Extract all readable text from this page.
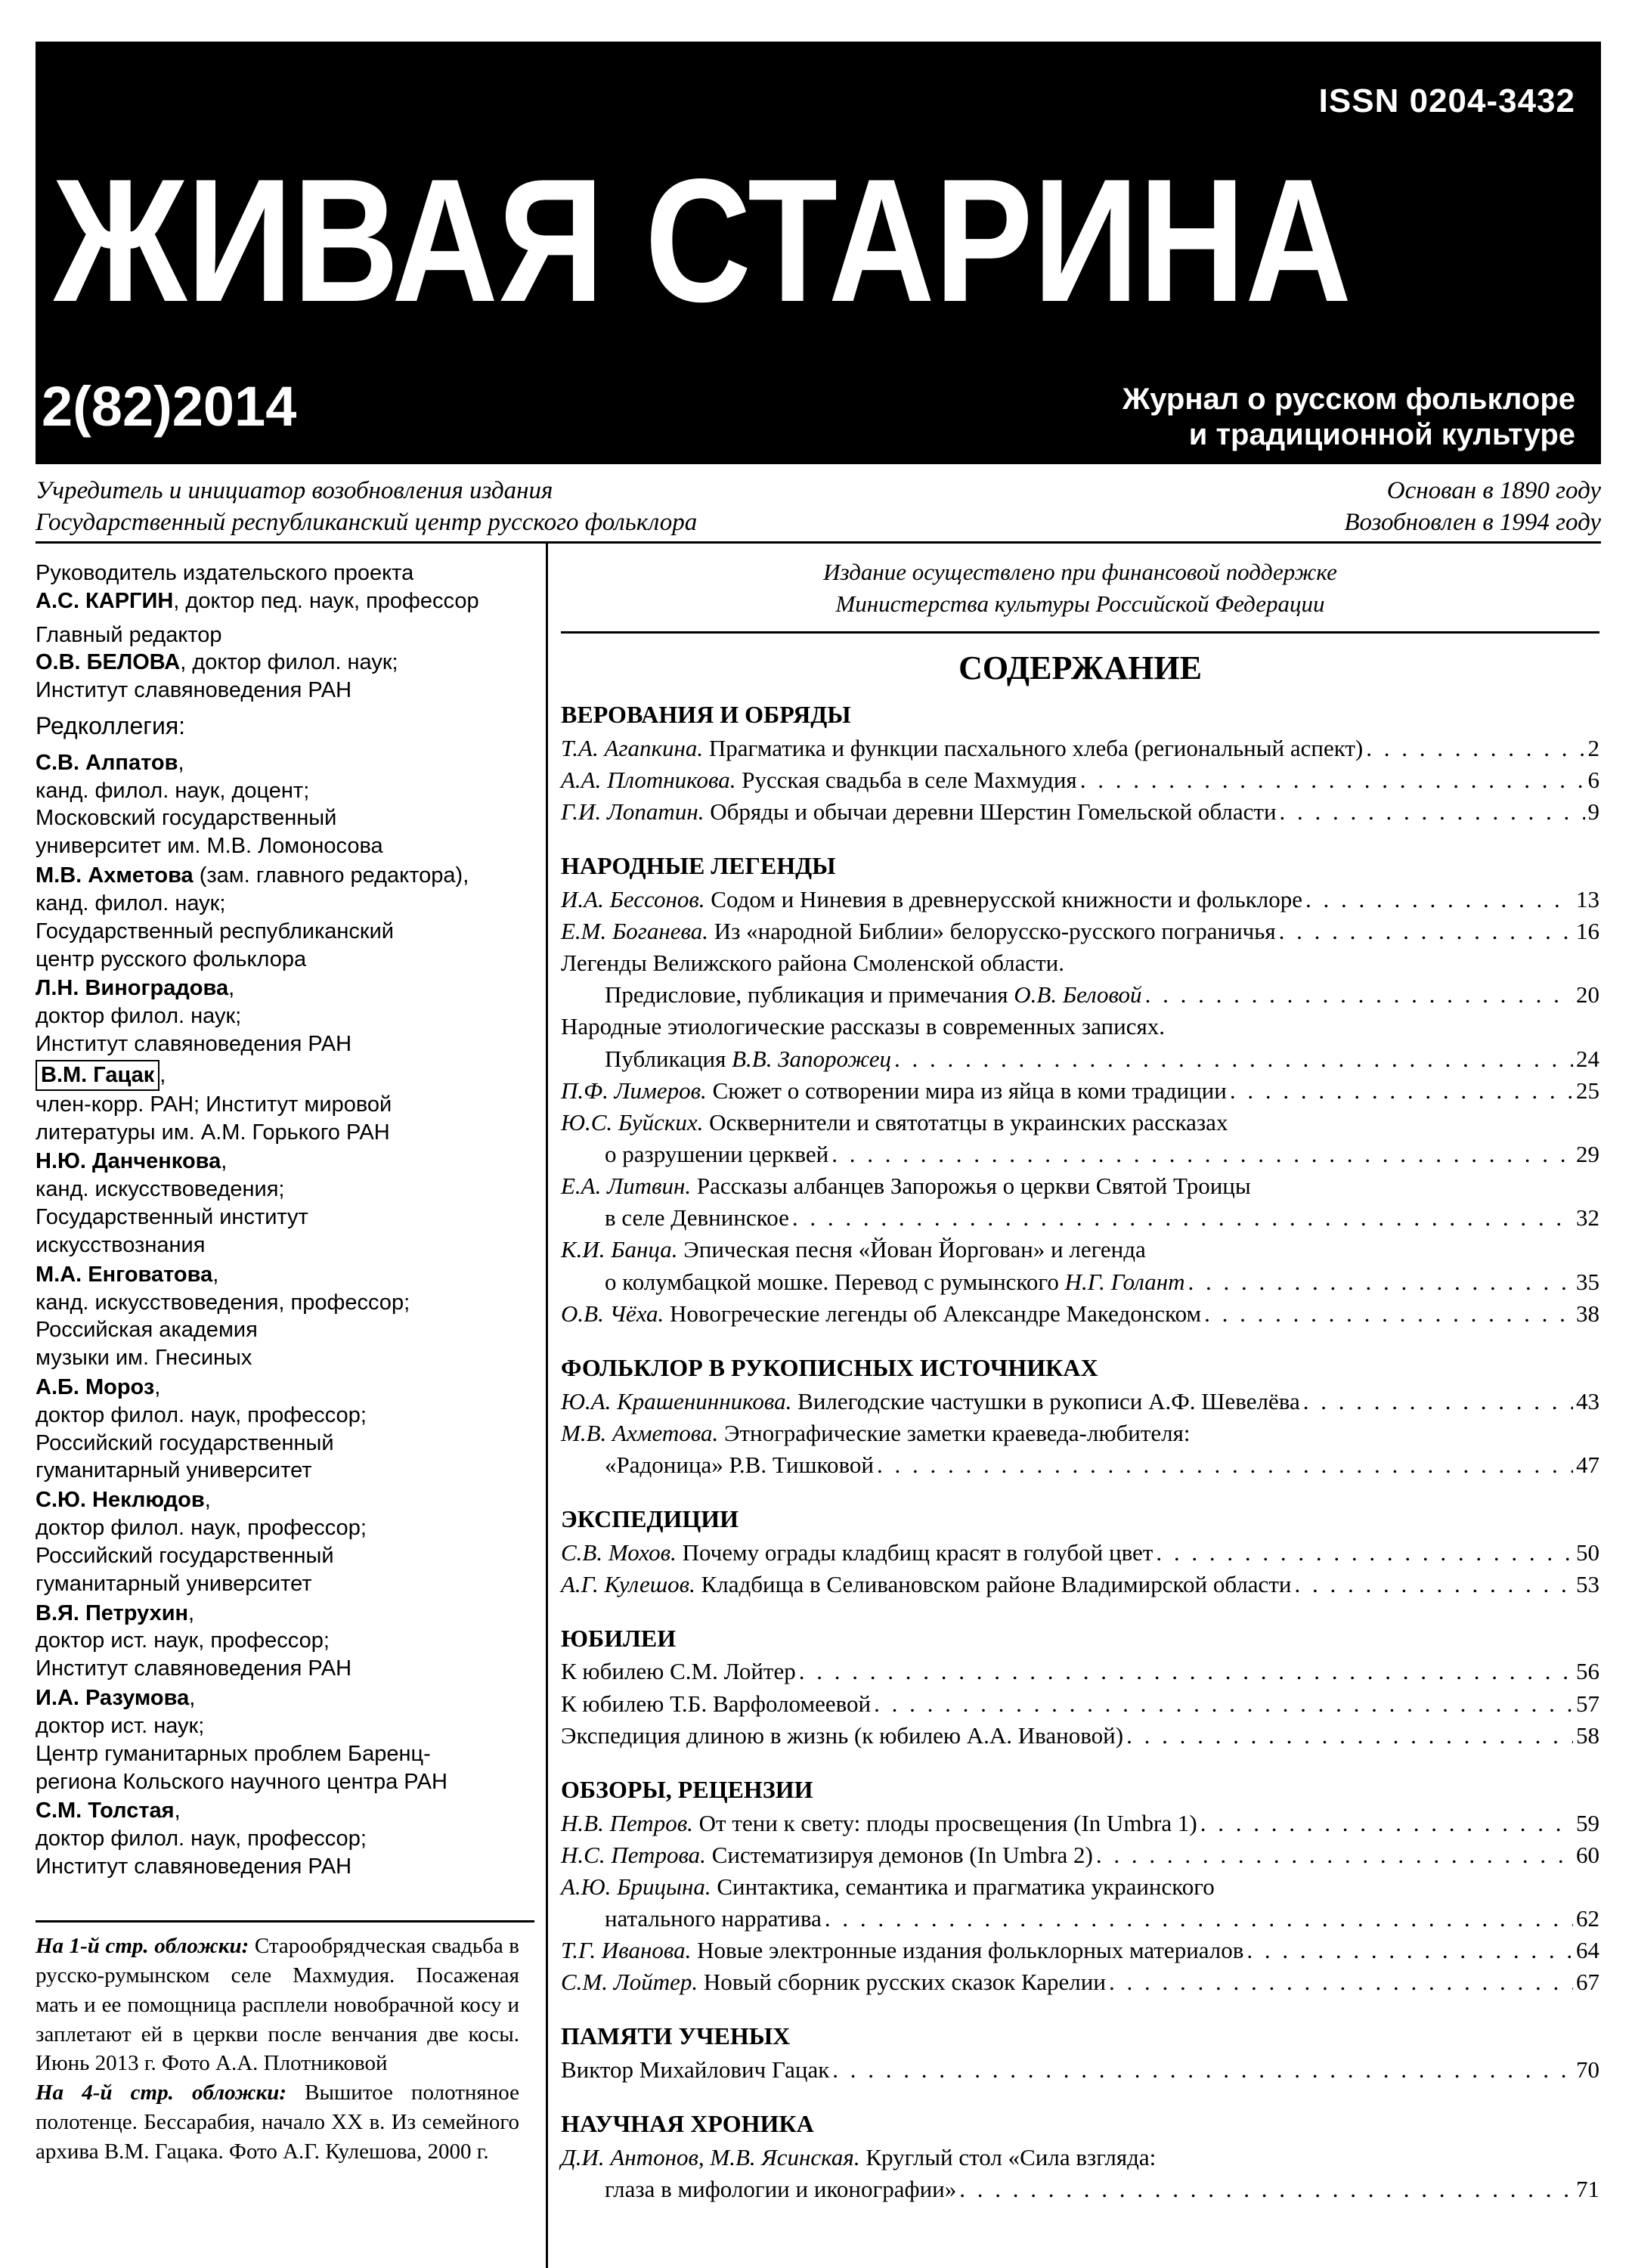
ISSN 0204-3432
ЖИВАЯ СТАРИНА
2(82)2014	Журнал о русском фольклоре
и традиционной культуре
Учредитель и инициатор возобновления издания
Государственный республиканский центр русского фольклора
Основан в 1890 году
Возобновлен в 1994 году
Руководитель издательского проекта
А.С. КАРГИН, доктор пед. наук, профессор
Главный редактор
О.В. БЕЛОВА, доктор филол. наук;
Институт славяноведения РАН
Редколлегия:
С.В. Алпатов,
канд. филол. наук, доцент;
Московский государственный
университет им. М.В. Ломоносова
М.В. Ахметова (зам. главного редактора),
канд. филол. наук;
Государственный республиканский
центр русского фольклора
Л.Н. Виноградова,
доктор филол. наук;
Институт славяноведения РАН
В.М. Гацак ,
член-корр. РАН; Институт мировой
литературы им. А.М. Горького РАН
Н.Ю. Данченкова,
канд. искусствоведения;
Государственный институт
искусствознания
М.А. Енговатова,
канд. искусствоведения, профессор;
Российская академия
музыки им. Гнесиных
А.Б. Мороз,
доктор филол. наук, профессор;
Российский государственный
гуманитарный университет
С.Ю. Неклюдов,
доктор филол. наук, профессор;
Российский государственный
гуманитарный университет
В.Я. Петрухин,
доктор ист. наук, профессор;
Институт славяноведения РАН
И.А. Разумова,
доктор ист. наук;
Центр гуманитарных проблем Баренц-
региона Кольского научного центра РАН
С.М. Толстая,
доктор филол. наук, профессор;
Институт славяноведения РАН
На 1-й стр. обложки: Старообрядческая свадьба в русско-румынском селе Махмудия. Посаженая мать и ее помощница расплели новобрачной косу и заплетают ей в церкви после венчания две косы. Июнь 2013 г. Фото А.А. Плотниковой
На 4-й стр. обложки: Вышитое полотняное полотенце. Бессарабия, начало XX в. Из семейного архива В.М. Гацака. Фото А.Г. Кулешова, 2000 г.
Издание осуществлено при финансовой поддержке
Министерства культуры Российской Федерации
СОДЕРЖАНИЕ
ВЕРОВАНИЯ И ОБРЯДЫ
Т.А. Агапкина. Прагматика и функции пасхального хлеба (региональный аспект) . . .	2
А.А. Плотникова. Русская свадьба в селе Махмудия . . .	6
Г.И. Лопатин. Обряды и обычаи деревни Шерстин Гомельской области . . .	9
НАРОДНЫЕ ЛЕГЕНДЫ
И.А. Бессонов. Содом и Ниневия в древнерусской книжности и фольклоре . . .	13
Е.М. Боганева. Из «народной Библии» белорусско-русского пограничья . . .	16
Легенды Велижского района Смоленской области.
Предисловие, публикация и примечания О.В. Беловой . . .	20
Народные этиологические рассказы в современных записях.
Публикация В.В. Запорожец . . .	24
П.Ф. Лимеров. Сюжет о сотворении мира из яйца в коми традиции . . .	25
Ю.С. Буйских. Осквернители и святотатцы в украинских рассказах
о разрушении церквей . . .	29
Е.А. Литвин. Рассказы албанцев Запорожья о церкви Святой Троицы
в селе Девнинское . . .	32
К.И. Банца. Эпическая песня «Йован Йоргован» и легенда
о колумбацкой мошке. Перевод с румынского Н.Г. Голант . . .	35
О.В. Чёха. Новогреческие легенды об Александре Македонском . . .	38
ФОЛЬКЛОР В РУКОПИСНЫХ ИСТОЧНИКАХ
Ю.А. Крашенинникова. Вилегодские частушки в рукописи А.Ф. Шевелёва . . .	43
М.В. Ахметова. Этнографические заметки краеведа-любителя:
«Радоница» Р.В. Тишковой . . .	47
ЭКСПЕДИЦИИ
С.В. Мохов. Почему ограды кладбищ красят в голубой цвет . . .	50
А.Г. Кулешов. Кладбища в Селивановском районе Владимирской области . . .	53
ЮБИЛЕИ
К юбилею С.М. Лойтер . . .	56
К юбилею Т.Б. Варфоломеевой . . .	57
Экспедиция длиною в жизнь (к юбилею А.А. Ивановой) . . .	58
ОБЗОРЫ, РЕЦЕНЗИИ
Н.В. Петров. От тени к свету: плоды просвещения (In Umbra 1) . . .	59
Н.С. Петрова. Систематизируя демонов (In Umbra 2) . . .	60
А.Ю. Брицына. Синтактика, семантика и прагматика украинского
натального нарратива . . .	62
Т.Г. Иванова. Новые электронные издания фольклорных материалов . . .	64
С.М. Лойтер. Новый сборник русских сказок Карелии . . .	67
ПАМЯТИ УЧЕНЫХ
Виктор Михайлович Гацак . . .	70
НАУЧНАЯ ХРОНИКА
Д.И. Антонов, М.В. Ясинская. Круглый стол «Сила взгляда:
глаза в мифологии и иконографии» . . .	71
